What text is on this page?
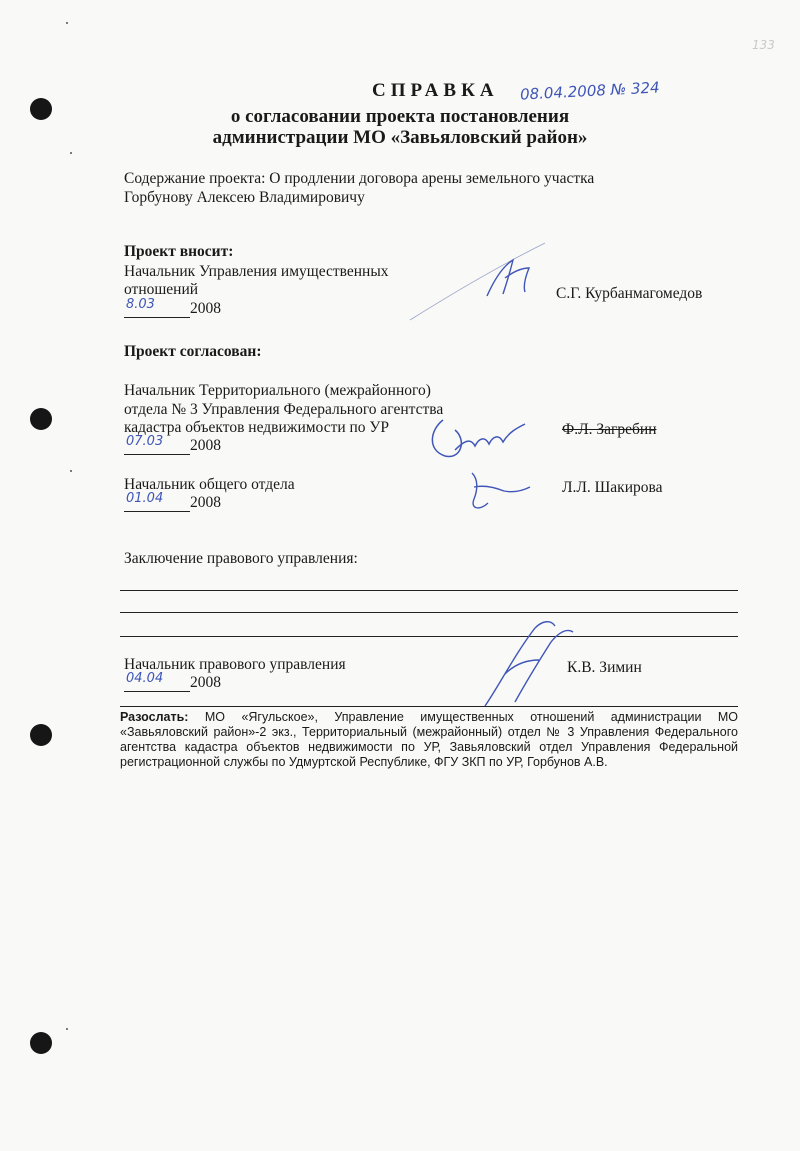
133
СПРАВКА 08.04.2008 № 324
о согласовании проекта постановления
администрации МО «Завьяловский район»
Содержание проекта: О продлении договора арены земельного участка
Горбунову Алексею Владимировичу
Проект вносит:
Начальник Управления имущественных
отношений
8.03 2008
С.Г. Курбанмагомедов
Проект согласован:
Начальник Территориального (межрайонного)
отдела № 3 Управления Федерального агентства
кадастра объектов недвижимости по УР
07.03 2008
Ф.Л. Загребин
Начальник общего отдела
01.04 2008
Л.Л. Шакирова
Заключение правового управления:
Начальник правового управления
04.04 2008
К.В. Зимин
Разослать: МО «Ягульское», Управление имущественных отношений администрации МО «Завьяловский район»-2 экз., Территориальный (межрайонный) отдел № 3 Управления Федерального агентства кадастра объектов недвижимости по УР, Завьяловский отдел Управления Федеральной регистрационной службы по Удмуртской Республике, ФГУ ЗКП по УР, Горбунов А.В.
